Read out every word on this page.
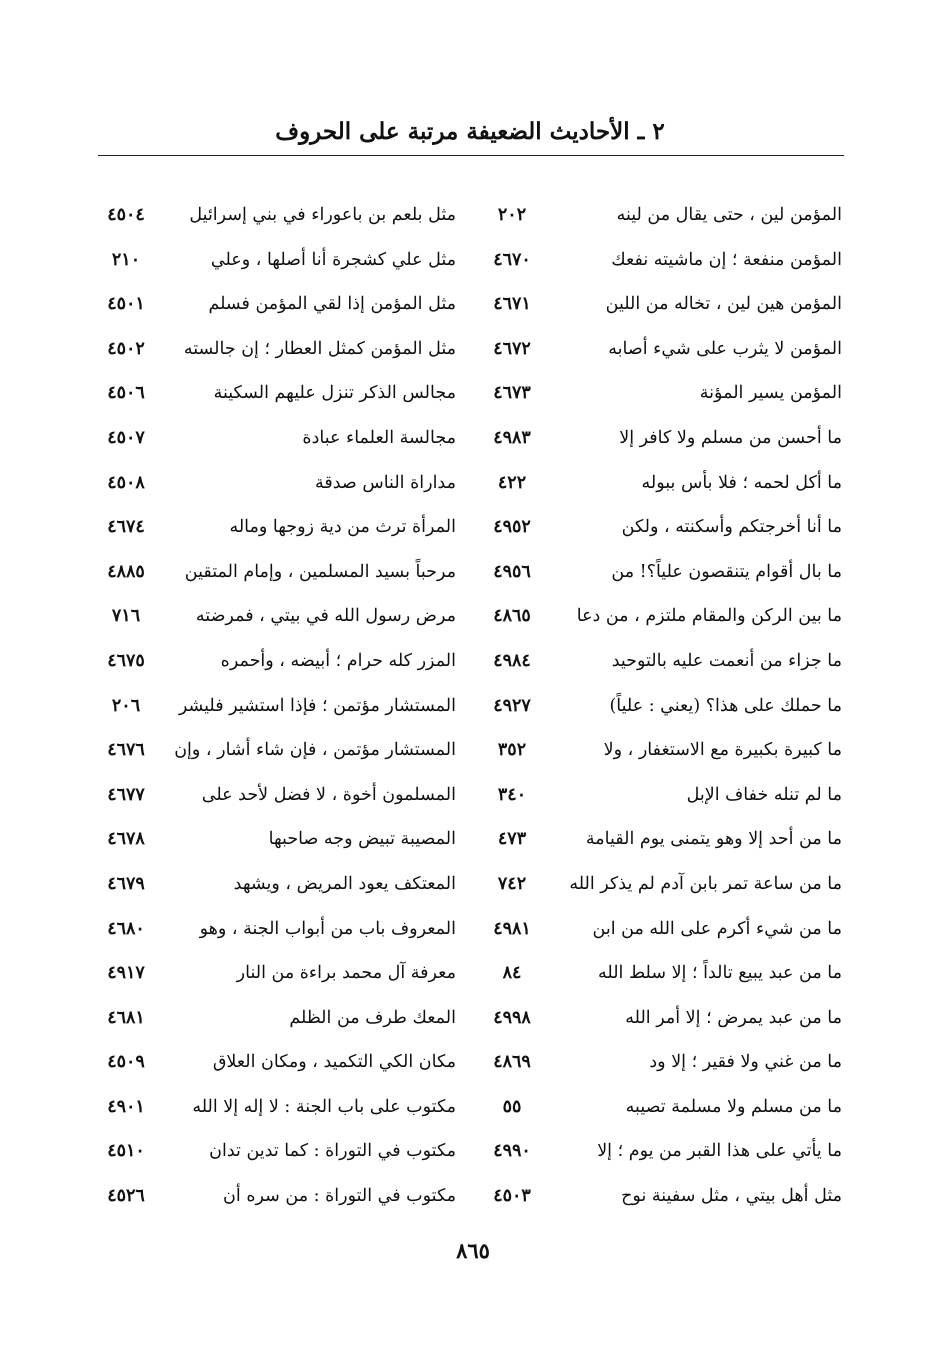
٢ ـ الأحاديث الضعيفة مرتبة على الحروف
المؤمن لين ، حتى يقال من لينه
٢٠٢
المؤمن منفعة ؛ إن ماشيته نفعك
٤٦٧٠
المؤمن هين لين ، تخاله من اللين
٤٦٧١
المؤمن لا يثرب على شيء أصابه
٤٦٧٢
المؤمن يسير المؤنة
٤٦٧٣
ما أحسن من مسلم ولا كافر إلا
٤٩٨٣
ما أكل لحمه ؛ فلا بأس ببوله
٤٢٢
ما أنا أخرجتكم وأسكنته ، ولكن
٤٩٥٢
ما بال أقوام يتنقصون علياً؟! من
٤٩٥٦
ما بين الركن والمقام ملتزم ، من دعا
٤٨٦٥
ما جزاء من أنعمت عليه بالتوحيد
٤٩٨٤
ما حملك على هذا؟ (يعني : علياً)
٤٩٢٧
ما كبيرة بكبيرة مع الاستغفار ، ولا
٣٥٢
ما لم تنله خفاف الإبل
٣٤٠
ما من أحد إلا وهو يتمنى يوم القيامة
٤٧٣
ما من ساعة تمر بابن آدم لم يذكر الله
٧٤٢
ما من شيء أكرم على الله من ابن
٤٩٨١
ما من عبد يبيع تالداً ؛ إلا سلط الله
٨٤
ما من عبد يمرض ؛ إلا أمر الله
٤٩٩٨
ما من غني ولا فقير ؛ إلا ود
٤٨٦٩
ما من مسلم ولا مسلمة تصيبه
٥٥
ما يأتي على هذا القبر من يوم ؛ إلا
٤٩٩٠
مثل أهل بيتي ، مثل سفينة نوح
٤٥٠٣
مثل بلعم بن باعوراء في بني إسرائيل
٤٥٠٤
مثل علي كشجرة أنا أصلها ، وعلي
٢١٠
مثل المؤمن إذا لقي المؤمن فسلم
٤٥٠١
مثل المؤمن كمثل العطار ؛ إن جالسته
٤٥٠٢
مجالس الذكر تنزل عليهم السكينة
٤٥٠٦
مجالسة العلماء عبادة
٤٥٠٧
مداراة الناس صدقة
٤٥٠٨
المرأة ترث من دية زوجها وماله
٤٦٧٤
مرحباً بسيد المسلمين ، وإمام المتقين
٤٨٨٥
مرض رسول الله في بيتي ، فمرضته
٧١٦
المزر كله حرام ؛ أبيضه ، وأحمره
٤٦٧٥
المستشار مؤتمن ؛ فإذا استشير فليشر
٢٠٦
المستشار مؤتمن ، فإن شاء أشار ، وإن
٤٦٧٦
المسلمون أخوة ، لا فضل لأحد على
٤٦٧٧
المصيبة تبيض وجه صاحبها
٤٦٧٨
المعتكف يعود المريض ، ويشهد
٤٦٧٩
المعروف باب من أبواب الجنة ، وهو
٤٦٨٠
معرفة آل محمد براءة من النار
٤٩١٧
المعك طرف من الظلم
٤٦٨١
مكان الكي التكميد ، ومكان العلاق
٤٥٠٩
مكتوب على باب الجنة : لا إله إلا الله
٤٩٠١
مكتوب في التوراة : كما تدين تدان
٤٥١٠
مكتوب في التوراة : من سره أن
٤٥٢٦
٨٦٥
